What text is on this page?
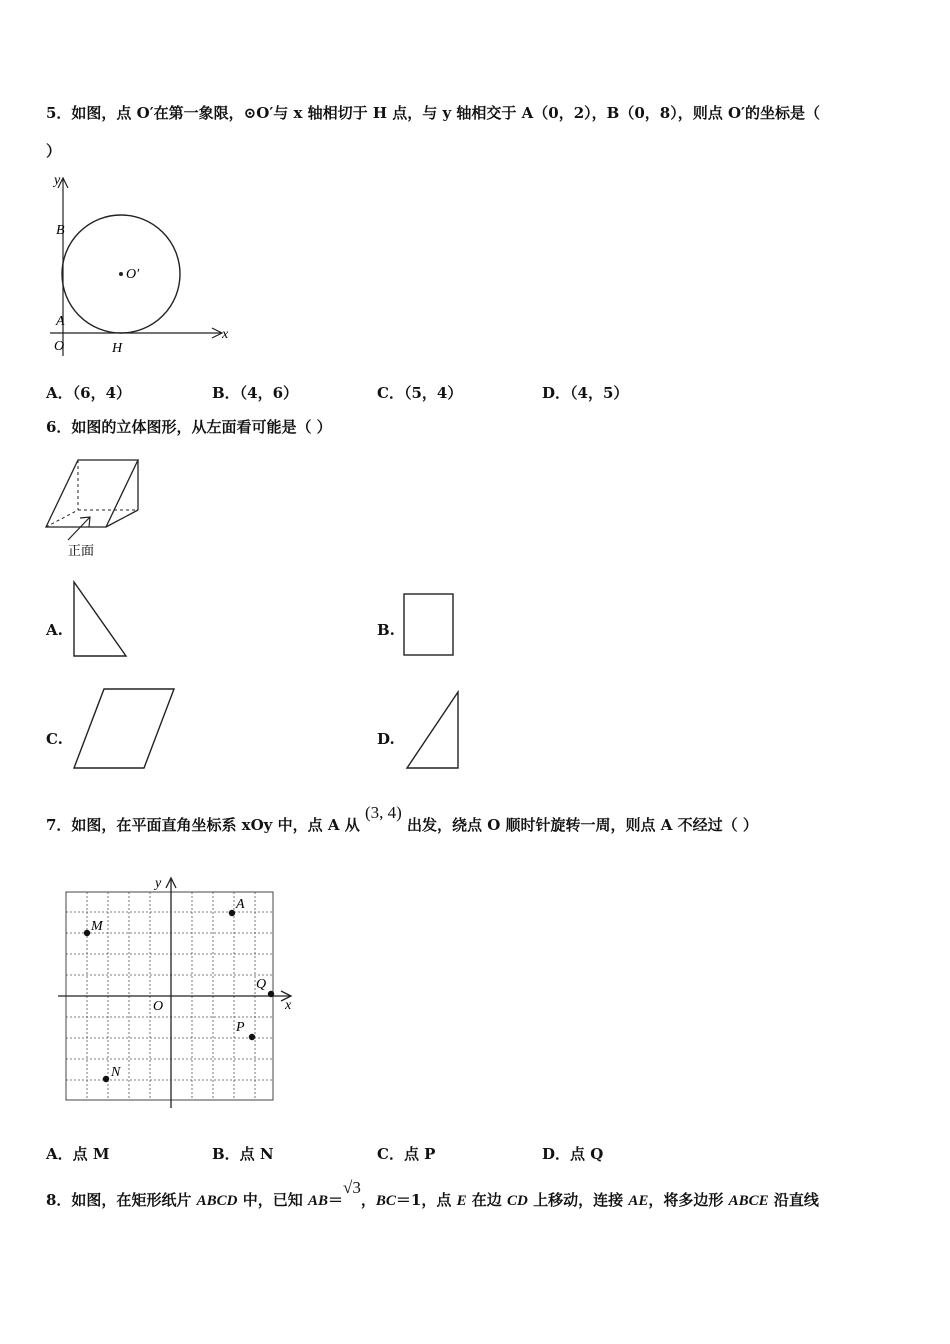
5．如图，点 O′在第一象限，⊙O′与 x 轴相切于 H 点，与 y 轴相交于 A（0，2），B（0，8），则点 O′的坐标是（
）
y
x
B
A
O	H
O′
A．（6，4）	B．（4，6）	C．（5，4）	D．（4，5）
6．如图的立体图形，从左面看可能是（ ）
正面
A.	B.
C.	D.
7．如图，在平面直角坐标系 xOy 中，点 A 从 (3, 4) 出发，绕点 O 顺时针旋转一周，则点 A 不经过（ ）
y
x
O
A
M
Q
P
N
A．点 M	B．点 N	C．点 P	D．点 Q
8．如图，在矩形纸片 ABCD 中，已知 AB＝√3，BC＝1，点 E 在边 CD 上移动，连接 AE，将多边形 ABCE 沿直线
